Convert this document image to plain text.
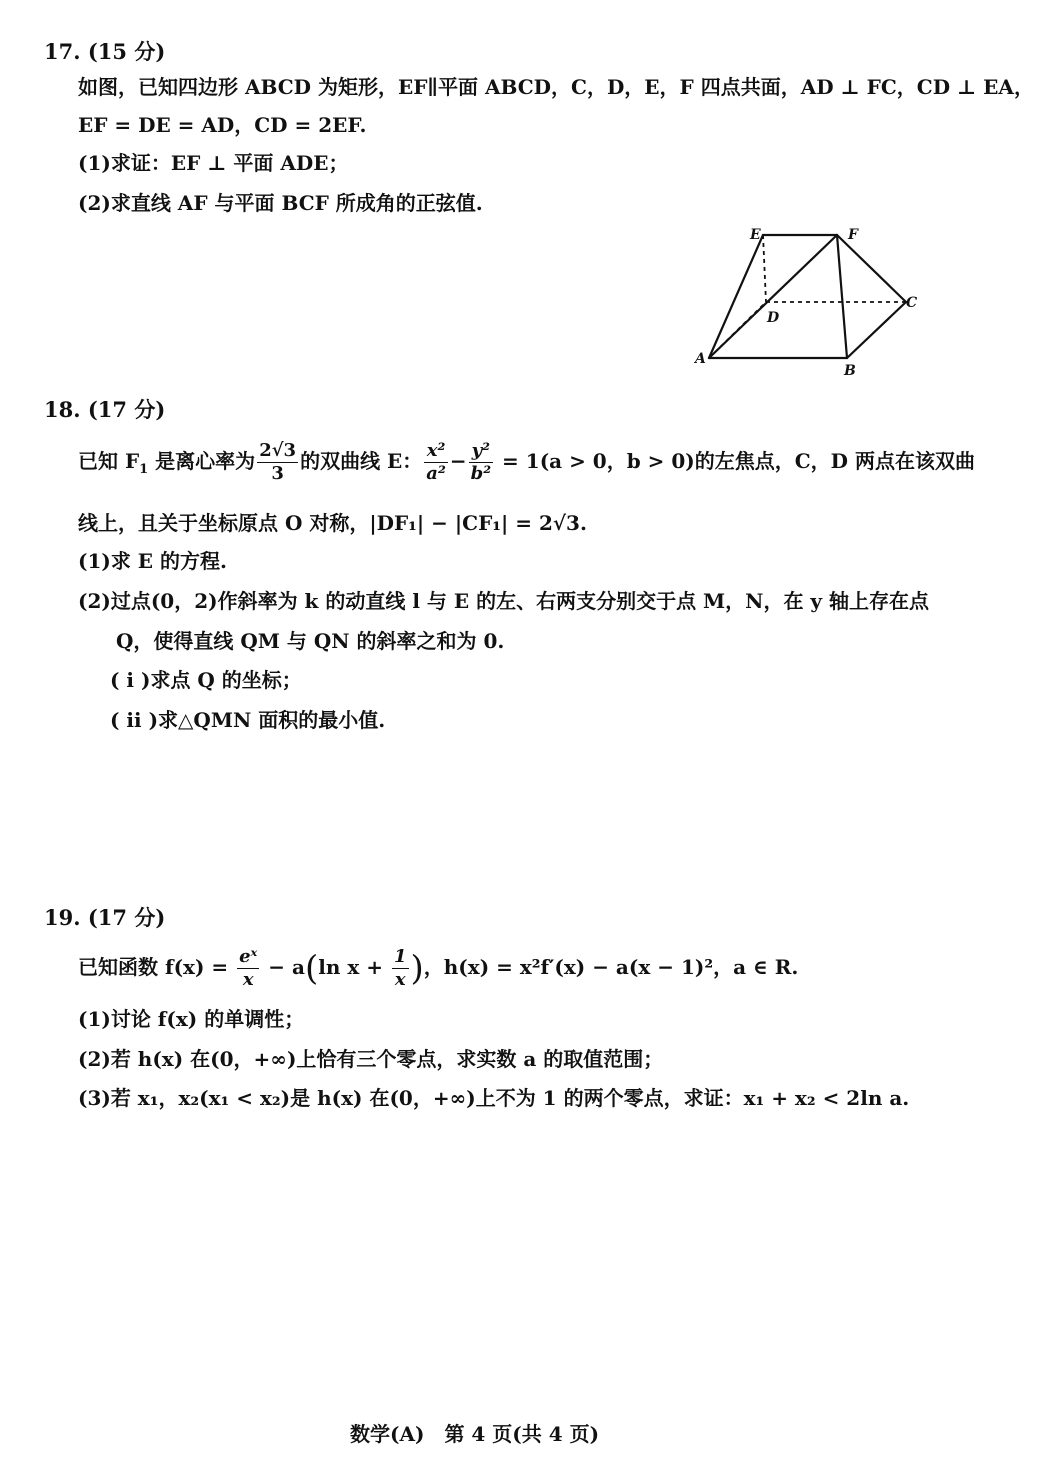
17. (15 分)
如图，已知四边形 ABCD 为矩形，EF∥平面 ABCD，C，D，E，F 四点共面，AD ⊥ FC，CD ⊥ EA，
EF = DE = AD，CD = 2EF.
(1)求证：EF ⊥ 平面 ADE；
(2)求直线 AF 与平面 BCF 所成角的正弦值.
E	F
C
D
A
B
18. (17 分)
已知 $F_1$ 是离心率为 $\frac{2√3}{3}$ 的双曲线 E： $\frac{\text{x²}}{\text{a²}} - \frac{\text{y²}}{\text{b²}} = 1(a > 0$，b > 0)的左焦点，C，D 两点在该双曲
线上，且关于坐标原点 O 对称，|DF₁| − |CF₁| = 2√3.
(1)求 E 的方程.
(2)过点(0，2)作斜率为 k 的动直线 l 与 E 的左、右两支分别交于点 M，N，在 y 轴上存在点
Q，使得直线 QM 与 QN 的斜率之和为 0.
( ⅰ )求点 Q 的坐标；
( ⅱ )求△QMN 面积的最小值.
19. (17 分)
已知函数 $f(x) = \frac{\text{eˣ}}{x} - a(\ln$ $x + \frac{1}{x}$ )，h(x) = x²f′(x) − a(x − 1)²，a ∈ R.
(1)讨论 f(x) 的单调性；
(2)若 h(x) 在(0，+∞)上恰有三个零点，求实数 a 的取值范围；
(3)若 x₁，x₂(x₁ < x₂)是 h(x) 在(0，+∞)上不为 1 的两个零点，求证：x₁ + x₂ < 2ln a.
数学(A)　第 4 页(共 4 页)
